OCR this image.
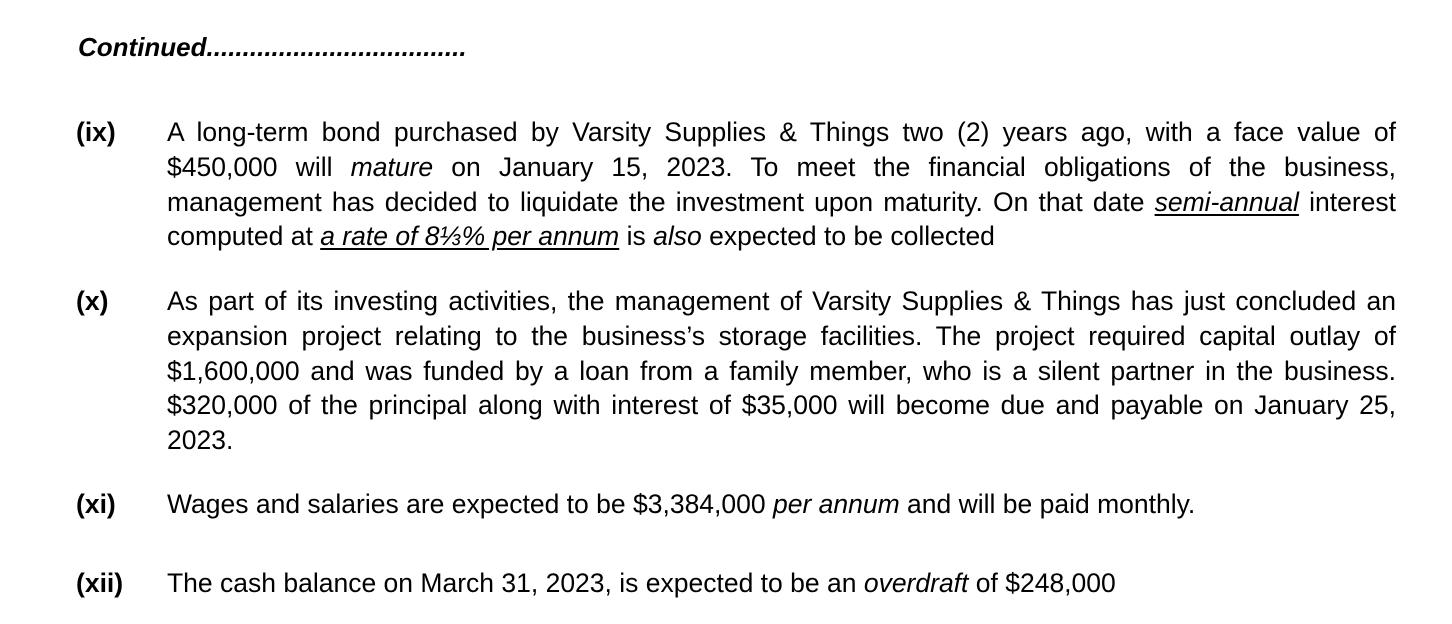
Continued....................................
(ix) A long-term bond purchased by Varsity Supplies & Things two (2) years ago, with a face value of $450,000 will mature on January 15, 2023. To meet the financial obligations of the business, management has decided to liquidate the investment upon maturity. On that date semi-annual interest computed at a rate of 8⅓% per annum is also expected to be collected
(x) As part of its investing activities, the management of Varsity Supplies & Things has just concluded an expansion project relating to the business’s storage facilities. The project required capital outlay of $1,600,000 and was funded by a loan from a family member, who is a silent partner in the business. $320,000 of the principal along with interest of $35,000 will become due and payable on January 25, 2023.
(xi) Wages and salaries are expected to be $3,384,000 per annum and will be paid monthly.
(xii) The cash balance on March 31, 2023, is expected to be an overdraft of $248,000
